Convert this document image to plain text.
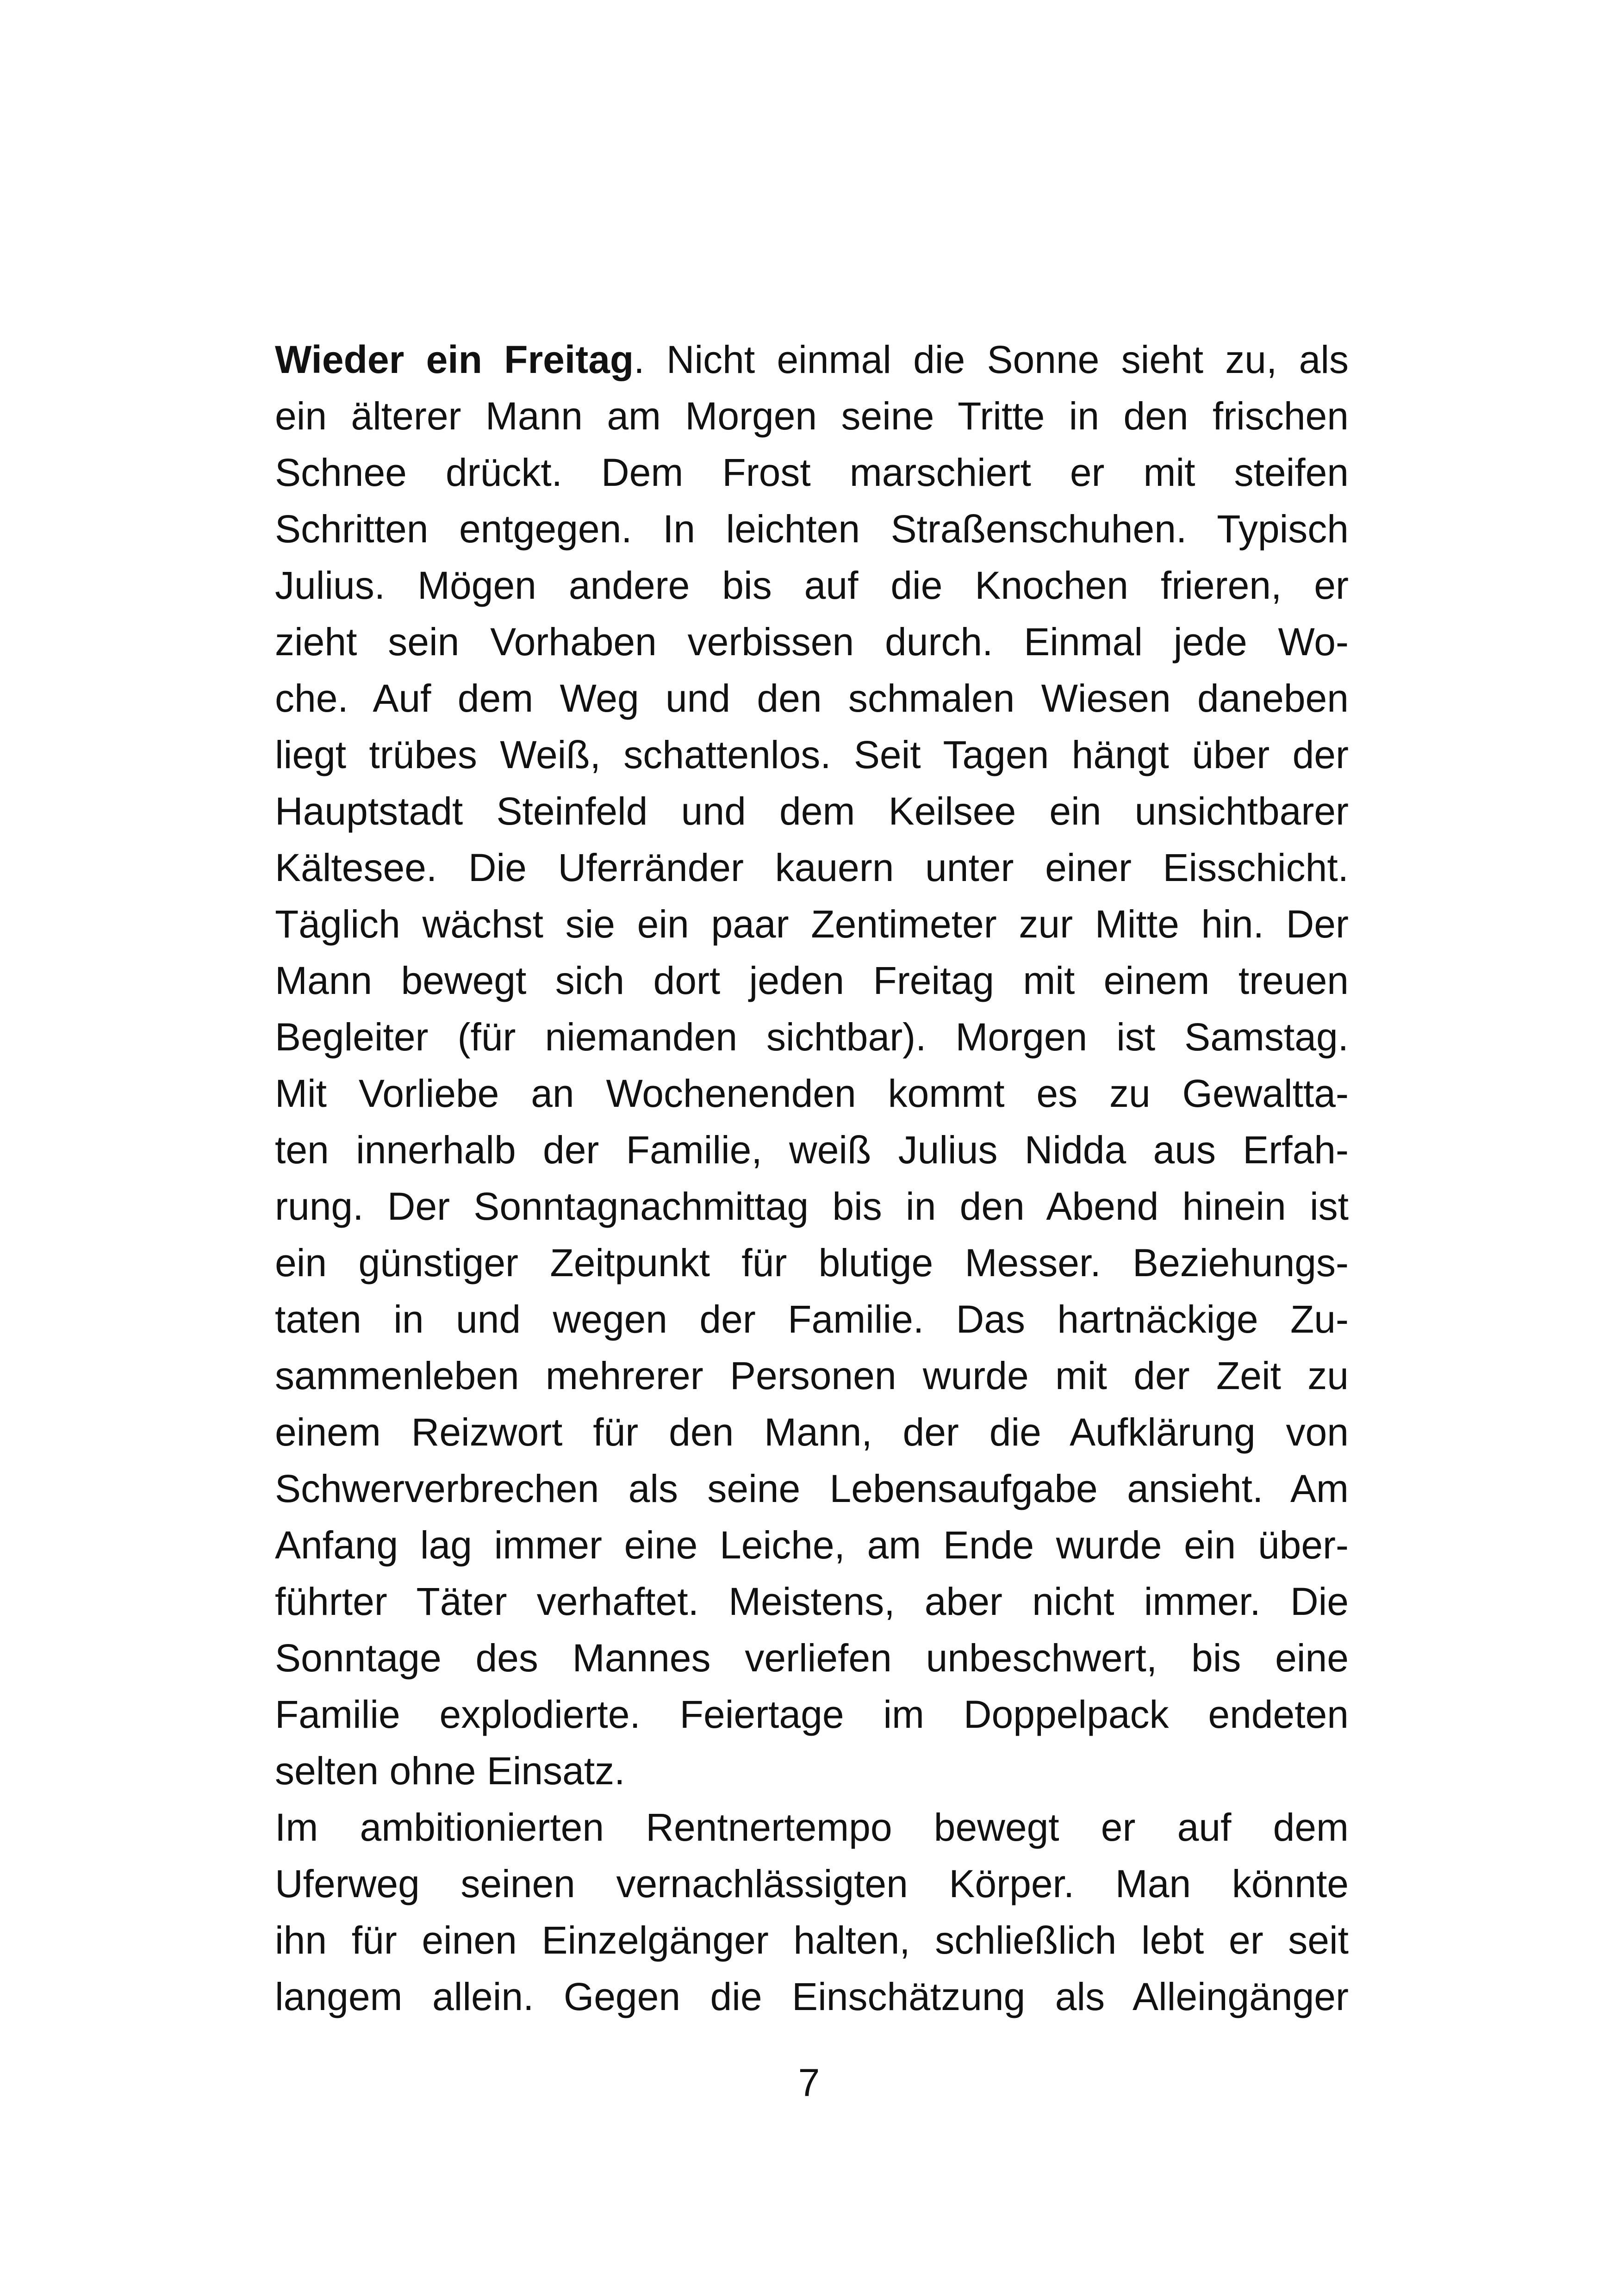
Wieder ein Freitag. Nicht einmal die Sonne sieht zu, als
ein älterer Mann am Morgen seine Tritte in den frischen
Schnee drückt. Dem Frost marschiert er mit steifen
Schritten entgegen. In leichten Straßenschuhen. Typisch
Julius. Mögen andere bis auf die Knochen frieren, er
zieht sein Vorhaben verbissen durch. Einmal jede Wo-
che. Auf dem Weg und den schmalen Wiesen daneben
liegt trübes Weiß, schattenlos. Seit Tagen hängt über der
Hauptstadt Steinfeld und dem Keilsee ein unsichtbarer
Kältesee. Die Uferränder kauern unter einer Eisschicht.
Täglich wächst sie ein paar Zentimeter zur Mitte hin. Der
Mann bewegt sich dort jeden Freitag mit einem treuen
Begleiter (für niemanden sichtbar). Morgen ist Samstag.
Mit Vorliebe an Wochenenden kommt es zu Gewaltta-
ten innerhalb der Familie, weiß Julius Nidda aus Erfah-
rung. Der Sonntagnachmittag bis in den Abend hinein ist
ein günstiger Zeitpunkt für blutige Messer. Beziehungs-
taten in und wegen der Familie. Das hartnäckige Zu-
sammenleben mehrerer Personen wurde mit der Zeit zu
einem Reizwort für den Mann, der die Aufklärung von
Schwerverbrechen als seine Lebensaufgabe ansieht. Am
Anfang lag immer eine Leiche, am Ende wurde ein über-
führter Täter verhaftet. Meistens, aber nicht immer. Die
Sonntage des Mannes verliefen unbeschwert, bis eine
Familie explodierte. Feiertage im Doppelpack endeten
selten ohne Einsatz.
Im ambitionierten Rentnertempo bewegt er auf dem
Uferweg seinen vernachlässigten Körper. Man könnte
ihn für einen Einzelgänger halten, schließlich lebt er seit
langem allein. Gegen die Einschätzung als Alleingänger
7
